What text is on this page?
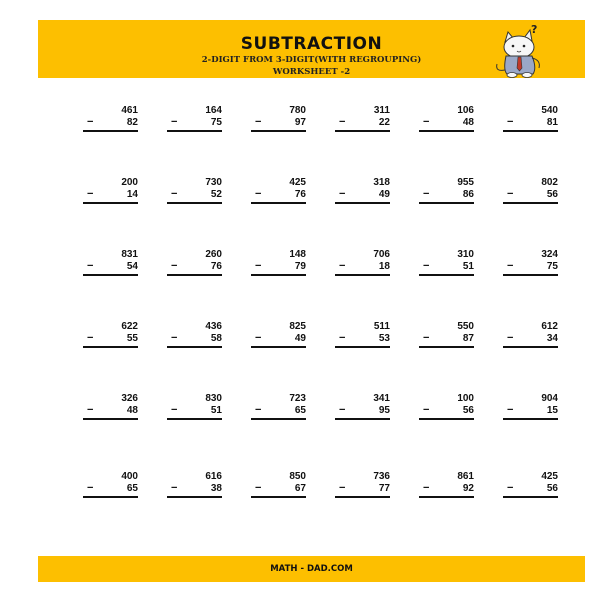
SUBTRACTION
2-DIGIT FROM 3-DIGIT(WITH REGROUPING)
WORKSHEET -2
?
461
−	82
164
−	75
780
−	97
311
−	22
106
−	48
540
−	81
200
−	14
730
−	52
425
−	76
318
−	49
955
−	86
802
−	56
831
−	54
260
−	76
148
−	79
706
−	18
310
−	51
324
−	75
622
−	55
436
−	58
825
−	49
511
−	53
550
−	87
612
−	34
326
−	48
830
−	51
723
−	65
341
−	95
100
−	56
904
−	15
400
−	65
616
−	38
850
−	67
736
−	77
861
−	92
425
−	56
MATH - DAD.COM
